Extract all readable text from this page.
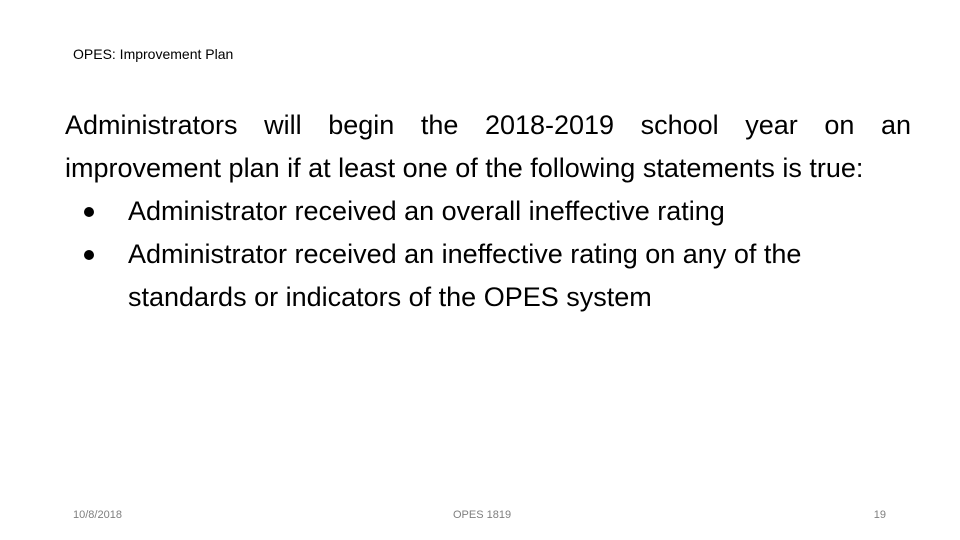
OPES: Improvement Plan

Administrators will begin the 2018-2019 school year on an improvement plan if at least one of the following statements is true:

Administrator received an overall ineffective rating
Administrator received an ineffective rating on any of the standards or indicators of the OPES system
10/8/2018	OPES 1819	19
